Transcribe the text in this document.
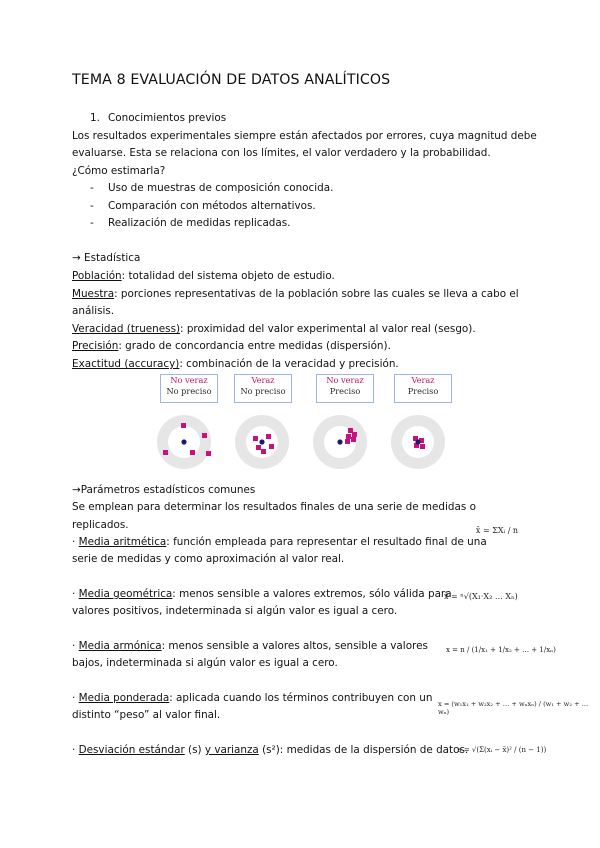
TEMA 8 EVALUACIÓN DE DATOS ANALÍTICOS
1. Conocimientos previos
Los resultados experimentales siempre están afectados por errores, cuya magnitud debe
evaluarse. Esta se relaciona con los límites, el valor verdadero y la probabilidad.
¿Cómo estimarla?
- Uso de muestras de composición conocida.
- Comparación con métodos alternativos.
- Realización de medidas replicadas.
→ Estadística
Población: totalidad del sistema objeto de estudio.
Muestra: porciones representativas de la población sobre las cuales se lleva a cabo el
análisis.
Veracidad (trueness): proximidad del valor experimental al valor real (sesgo).
Precisión: grado de concordancia entre medidas (dispersión).
Exactitud (accuracy): combinación de la veracidad y precisión.
No veraz
No preciso
Veraz
No preciso
No veraz
Preciso
Veraz
Preciso
→Parámetros estadísticos comunes
Se emplean para determinar los resultados finales de una serie de medidas o
replicados.
· Media aritmética: función empleada para representar el resultado final de una
serie de medidas y como aproximación al valor real.
x̄ = ΣXᵢ / n
· Media geométrica: menos sensible a valores extremos, sólo válida para
valores positivos, indeterminada si algún valor es igual a cero.
x̄ = ⁿ√(X₁·X₂ … Xₙ)
· Media armónica: menos sensible a valores altos, sensible a valores
bajos, indeterminada si algún valor es igual a cero.
x = n / (1/x₁ + 1/x₂ + … + 1/xₙ)
· Media ponderada: aplicada cuando los términos contribuyen con un
distinto “peso” al valor final.
x = (w₁x₁ + w₂x₂ + … + wₙxₙ) / (w₁ + w₂ + … wₙ)
· Desviación estándar (s) y varianza (s²): medidas de la dispersión de datos.
s = √(Σ(xᵢ − x̄)² / (n − 1))
